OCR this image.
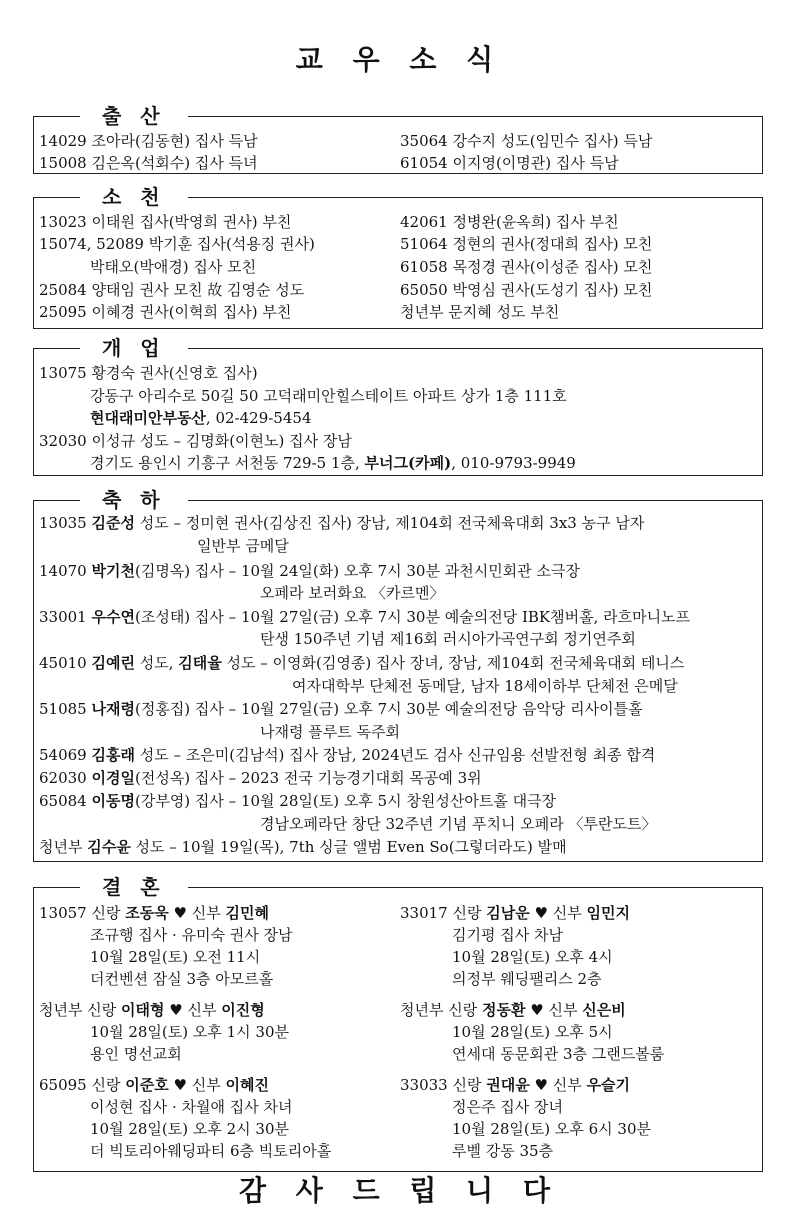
교 우 소 식
출 산
14029 조아라(김동현) 집사 득남
15008 김은옥(석회수) 집사 득녀
35064 강수지 성도(임민수 집사) 득남
61054 이지영(이명관) 집사 득남
소 천
13023 이태원 집사(박영희 권사) 부친
15074, 52089 박기훈 집사(석용징 권사)
박태오(박애경) 집사 모친
25084 양태임 권사 모친 故 김영순 성도
25095 이혜경 권사(이혁희 집사) 부친
42061 정병완(윤옥희) 집사 부친
51064 정현의 권사(정대희 집사) 모친
61058 목정경 권사(이성준 집사) 모친
65050 박영심 권사(도성기 집사) 모친
청년부 문지혜 성도 부친
개 업
13075 황경숙 권사(신영호 집사)
강동구 아리수로 50길 50 고덕래미안힐스테이트 아파트 상가 1층 111호
현대래미안부동산, 02-429-5454
32030 이성규 성도 – 김명화(이현노) 집사 장남
경기도 용인시 기흥구 서천동 729-5 1층, 부너그(카페), 010-9793-9949
축 하
13035 김준성 성도 – 정미현 권사(김상진 집사) 장남, 제104회 전국체육대회 3x3 농구 남자
일반부 금메달
14070 박기천(김명옥) 집사 – 10월 24일(화) 오후 7시 30분 과천시민회관 소극장
오페라 보러화요 〈카르멘〉
33001 우수연(조성태) 집사 – 10월 27일(금) 오후 7시 30분 예술의전당 IBK챔버홀, 라흐마니노프
탄생 150주년 기념 제16회 러시아가곡연구회 정기연주회
45010 김예린 성도, 김태율 성도 – 이영화(김영종) 집사 장녀, 장남, 제104회 전국체육대회 테니스
여자대학부 단체전 동메달, 남자 18세이하부 단체전 은메달
51085 나재령(정홍집) 집사 – 10월 27일(금) 오후 7시 30분 예술의전당 음악당 리사이틀홀
나재령 플루트 독주회
54069 김홍래 성도 – 조은미(김남석) 집사 장남, 2024년도 검사 신규임용 선발전형 최종 합격
62030 이경일(전성옥) 집사 – 2023 전국 기능경기대회 목공예 3위
65084 이동명(강부영) 집사 – 10월 28일(토) 오후 5시 창원성산아트홀 대극장
경남오페라단 창단 32주년 기념 푸치니 오페라 〈투란도트〉
청년부 김수윤 성도 – 10월 19일(목), 7th 싱글 앨범 Even So(그렇더라도) 발매
결 혼
13057 신랑 조동욱 ♥ 신부 김민혜
조규행 집사 · 유미숙 권사 장남
10월 28일(토) 오전 11시
더컨벤션 잠실 3층 아모르홀
33017 신랑 김남운 ♥ 신부 임민지
김기평 집사 차남
10월 28일(토) 오후 4시
의정부 웨딩팰리스 2층
청년부 신랑 이태형 ♥ 신부 이진형
10월 28일(토) 오후 1시 30분
용인 명선교회
청년부 신랑 정동환 ♥ 신부 신은비
10월 28일(토) 오후 5시
연세대 동문회관 3층 그랜드볼룸
65095 신랑 이준호 ♥ 신부 이혜진
이성현 집사 · 차월애 집사 차녀
10월 28일(토) 오후 2시 30분
더 빅토리아웨딩파티 6층 빅토리아홀
33033 신랑 권대윤 ♥ 신부 우슬기
정은주 집사 장녀
10월 28일(토) 오후 6시 30분
루벨 강동 35층
감 사 드 립 니 다
